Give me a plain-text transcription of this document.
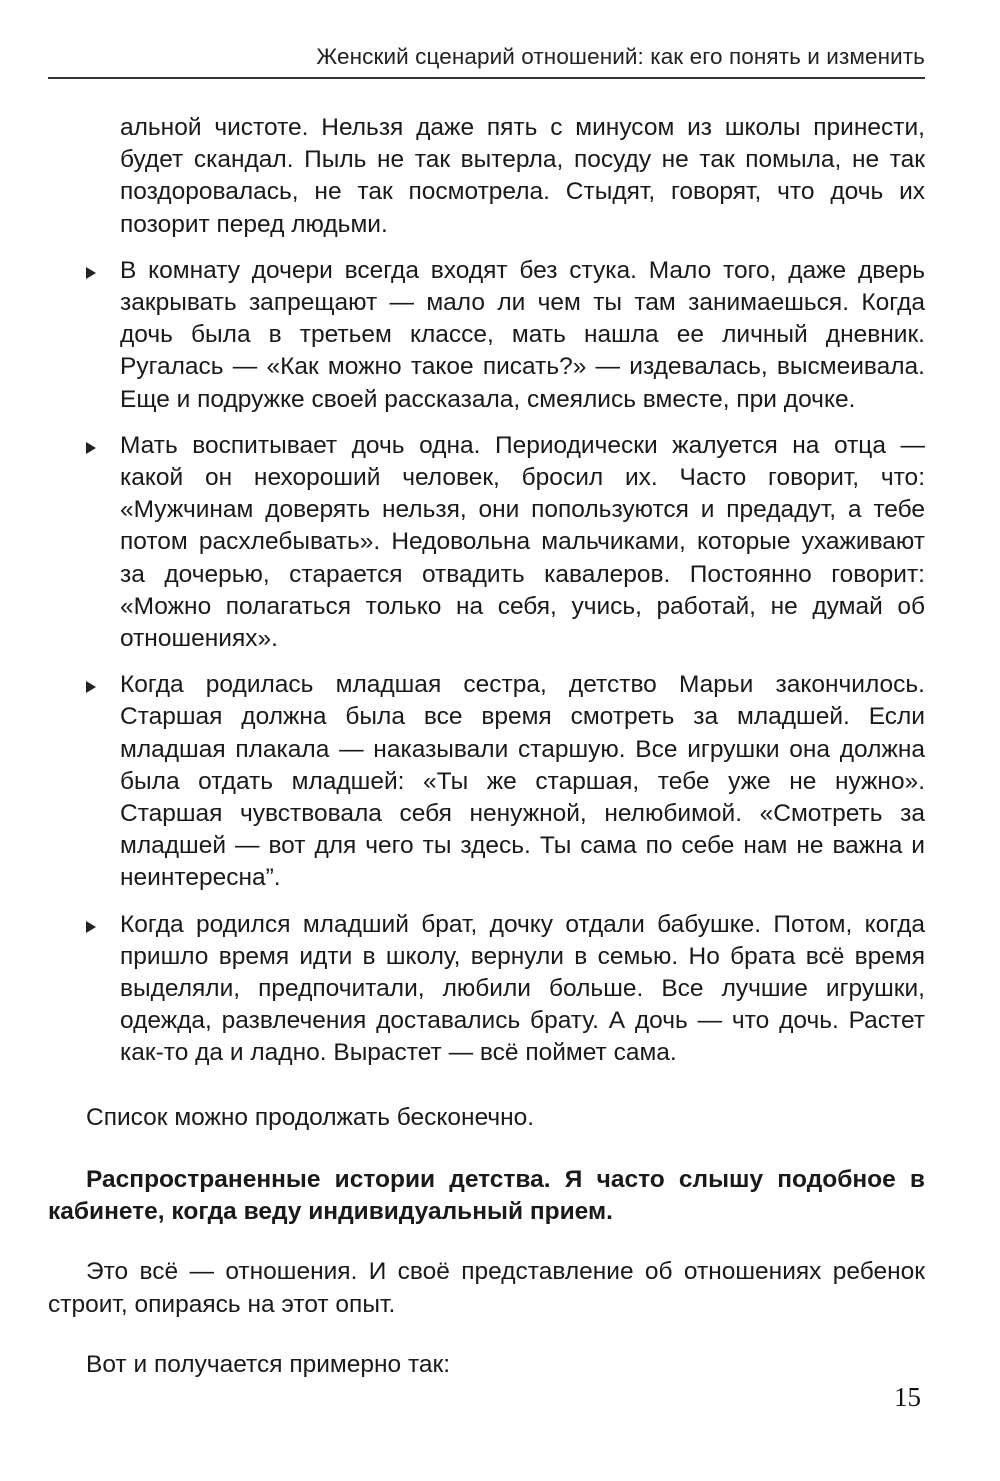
Женский сценарий отношений: как его понять и изменить

альной чистоте. Нельзя даже пять с минусом из школы принести, будет скандал. Пыль не так вытерла, посуду не так помыла, не так поздоровалась, не так посмотрела. Стыдят, говорят, что дочь их позорит перед людьми.

В комнату дочери всегда входят без стука. Мало того, даже дверь закрывать запрещают — мало ли чем ты там занимаешься. Когда дочь была в третьем классе, мать нашла ее личный дневник. Ругалась — «Как можно такое писать?» — издевалась, высмеивала. Еще и подружке своей рассказала, смеялись вместе, при дочке.
Мать воспитывает дочь одна. Периодически жалуется на отца — какой он нехороший человек, бросил их. Часто говорит, что: «Мужчинам доверять нельзя, они попользуются и предадут, а тебе потом расхлебывать». Недовольна мальчиками, которые ухаживают за дочерью, старается отвадить кавалеров. Постоянно говорит: «Можно полагаться только на себя, учись, работай, не думай об отношениях».
Когда родилась младшая сестра, детство Марьи закончилось. Старшая должна была все время смотреть за младшей. Если младшая плакала — наказывали старшую. Все игрушки она должна была отдать младшей: «Ты же старшая, тебе уже не нужно». Старшая чувствовала себя ненужной, нелюбимой. «Смотреть за младшей — вот для чего ты здесь. Ты сама по себе нам не важна и неинтересна”.
Когда родился младший брат, дочку отдали бабушке. Потом, когда пришло время идти в школу, вернули в семью. Но брата всё время выделяли, предпочитали, любили больше. Все лучшие игрушки, одежда, развлечения доставались брату. А дочь — что дочь. Растет как-то да и ладно. Вырастет — всё поймет сама.

Список можно продолжать бесконечно.

Распространенные истории детства. Я часто слышу подобное в кабинете, когда веду индивидуальный прием.

Это всё — отношения. И своё представление об отношениях ребенок строит, опираясь на этот опыт.

Вот и получается примерно так:

15
